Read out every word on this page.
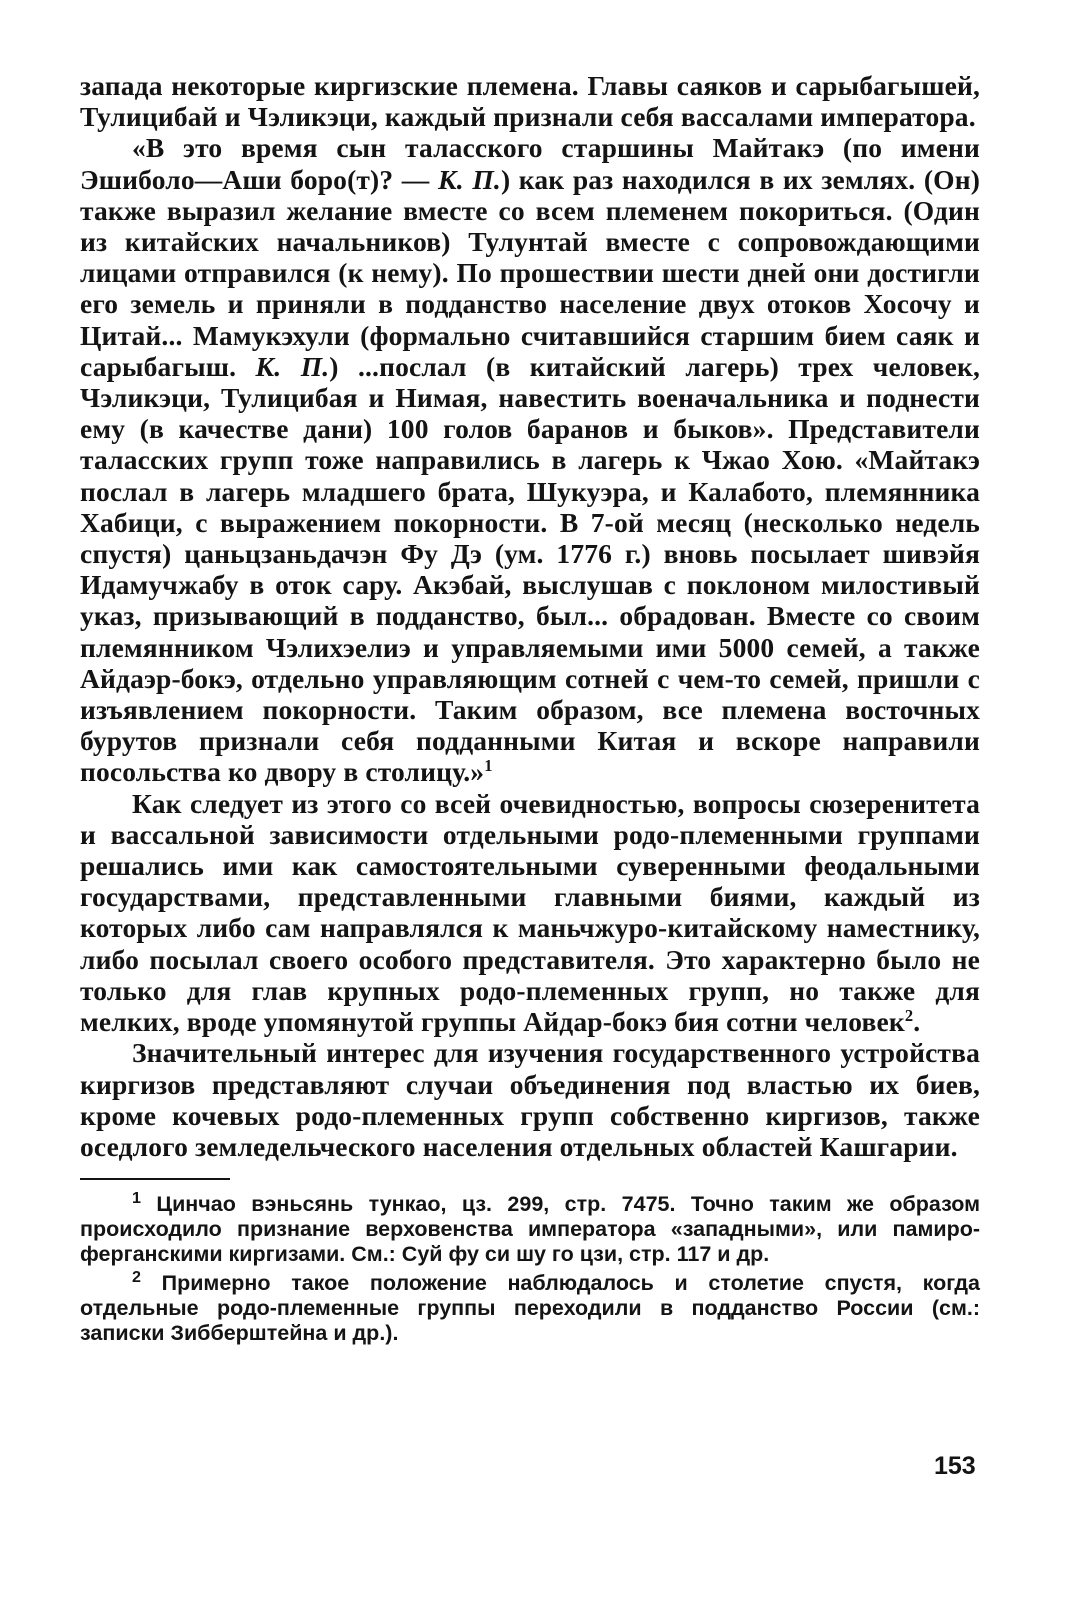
запада некоторые киргизские племена. Главы саяков и сарыбагышей, Тулицибай и Чэликэци, каждый признали себя вассалами императора.

«В это время сын таласского старшины Майтакэ (по имени Эшиболо—Аши боро(т)? — К. П.) как раз находился в их землях. (Он) также выразил желание вместе со всем племенем покориться. (Один из китайских начальников) Тулунтай вместе с сопровождающими лицами отправился (к нему). По прошествии шести дней они достигли его земель и приняли в подданство население двух отоков Хосочу и Цитай... Мамукэхули (формально считавшийся старшим бием саяк и сарыбагыш. К. П.) ...послал (в китайский лагерь) трех человек, Чэликэци, Тулицибая и Нимая, навестить военачальника и поднести ему (в качестве дани) 100 голов баранов и быков». Представители таласских групп тоже направились в лагерь к Чжао Хою. «Майтакэ послал в лагерь младшего брата, Шукуэра, и Калабото, племянника Хабици, с выражением покорности. В 7-ой месяц (несколько недель спустя) цаньцзаньдачэн Фу Дэ (ум. 1776 г.) вновь посылает шивэйя Идамучжабу в оток сару. Акэбай, выслушав с поклоном милостивый указ, призывающий в подданство, был... обрадован. Вместе со своим племянником Чэлихэелиэ и управляемыми ими 5000 семей, а также Айдаэр-бокэ, отдельно управляющим сотней с чем-то семей, пришли с изъявлением покорности. Таким образом, все племена восточных бурутов признали себя подданными Китая и вскоре направили посольства ко двору в столицу.»$^1$

Как следует из этого со всей очевидностью, вопросы сюзеренитета и вассальной зависимости отдельными родо-племенными группами решались ими как самостоятельными суверенными феодальными государствами, представленными главными биями, каждый из которых либо сам направлялся к маньчжуро-китайскому наместнику, либо посылал своего особого представителя. Это характерно было не только для глав крупных родо-племенных групп, но также для мелких, вроде упомянутой группы Айдар-бокэ бия сотни человек$^2$.

Значительный интерес для изучения государственного устройства киргизов представляют случаи объединения под властью их биев, кроме кочевых родо-племенных групп собственно киргизов, также оседлого земледельческого населения отдельных областей Кашгарии.

$^1$ Цинчао вэньсянь тункао, цз. 299, стр. 7475. Точно таким же образом происходило признание верховенства императора «западными», или памиро-ферганскими киргизами. См.: Суй фу си шу го цзи, стр. 117 и др.

$^2$ Примерно такое положение наблюдалось и столетие спустя, когда отдельные родо-племенные группы переходили в подданство России (см.: записки Зибберштейна и др.).

153
